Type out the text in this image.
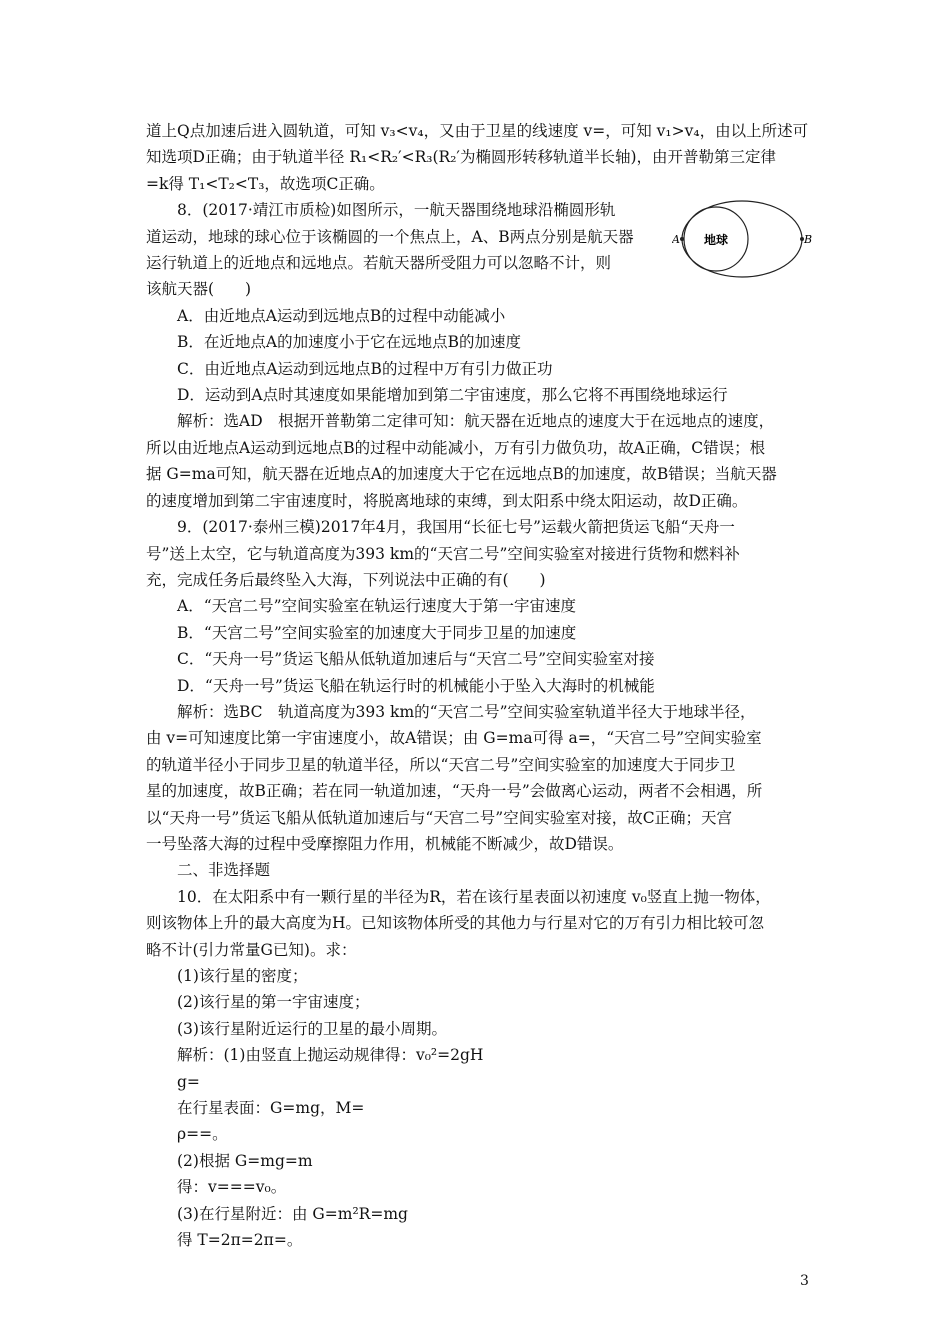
道上Q点加速后进入圆轨道，可知 v₃<v₄，又由于卫星的线速度 v=，可知 v₁>v₄，由以上所述可
知选项D正确；由于轨道半径 R₁<R₂′<R₃(R₂′为椭圆形转移轨道半长轴)，由开普勒第三定律
=k得 T₁<T₂<T₃，故选项C正确。
8．(2017·靖江市质检)如图所示，一航天器围绕地球沿椭圆形轨
道运动，地球的球心位于该椭圆的一个焦点上，A、B两点分别是航天器
运行轨道上的近地点和远地点。若航天器所受阻力可以忽略不计，则
该航天器(　　)
A．由近地点A运动到远地点B的过程中动能减小
B．在近地点A的加速度小于它在远地点B的加速度
C．由近地点A运动到远地点B的过程中万有引力做正功
D．运动到A点时其速度如果能增加到第二宇宙速度，那么它将不再围绕地球运行
解析：选AD　根据开普勒第二定律可知：航天器在近地点的速度大于在远地点的速度，
所以由近地点A运动到远地点B的过程中动能减小，万有引力做负功，故A正确，C错误；根
据 G=ma可知，航天器在近地点A的加速度大于它在远地点B的加速度，故B错误；当航天器
的速度增加到第二宇宙速度时，将脱离地球的束缚，到太阳系中绕太阳运动，故D正确。
9．(2017·泰州三模)2017年4月，我国用“长征七号”运载火箭把货运飞船“天舟一
号”送上太空，它与轨道高度为393 km的“天宫二号”空间实验室对接进行货物和燃料补
充，完成任务后最终坠入大海，下列说法中正确的有(　　)
A．“天宫二号”空间实验室在轨运行速度大于第一宇宙速度
B．“天宫二号”空间实验室的加速度大于同步卫星的加速度
C．“天舟一号”货运飞船从低轨道加速后与“天宫二号”空间实验室对接
D．“天舟一号”货运飞船在轨运行时的机械能小于坠入大海时的机械能
解析：选BC　轨道高度为393 km的“天宫二号”空间实验室轨道半径大于地球半径，
由 v=可知速度比第一宇宙速度小，故A错误；由 G=ma可得 a=，“天宫二号”空间实验室
的轨道半径小于同步卫星的轨道半径，所以“天宫二号”空间实验室的加速度大于同步卫
星的加速度，故B正确；若在同一轨道加速，“天舟一号”会做离心运动，两者不会相遇，所
以“天舟一号”货运飞船从低轨道加速后与“天宫二号”空间实验室对接，故C正确；天宫
一号坠落大海的过程中受摩擦阻力作用，机械能不断减少，故D错误。
二、非选择题
10．在太阳系中有一颗行星的半径为R，若在该行星表面以初速度 v₀竖直上抛一物体，
则该物体上升的最大高度为H。已知该物体所受的其他力与行星对它的万有引力相比较可忽
略不计(引力常量G已知)。求：
(1)该行星的密度；
(2)该行星的第一宇宙速度；
(3)该行星附近运行的卫星的最小周期。
解析：(1)由竖直上抛运动规律得：v₀²=2gH
g=
在行星表面：G=mg，M=
ρ==。
(2)根据 G=mg=m
得：v===v₀。
(3)在行星附近：由 G=m²R=mg
得 T=2π=2π=。
地球
A	B
3
